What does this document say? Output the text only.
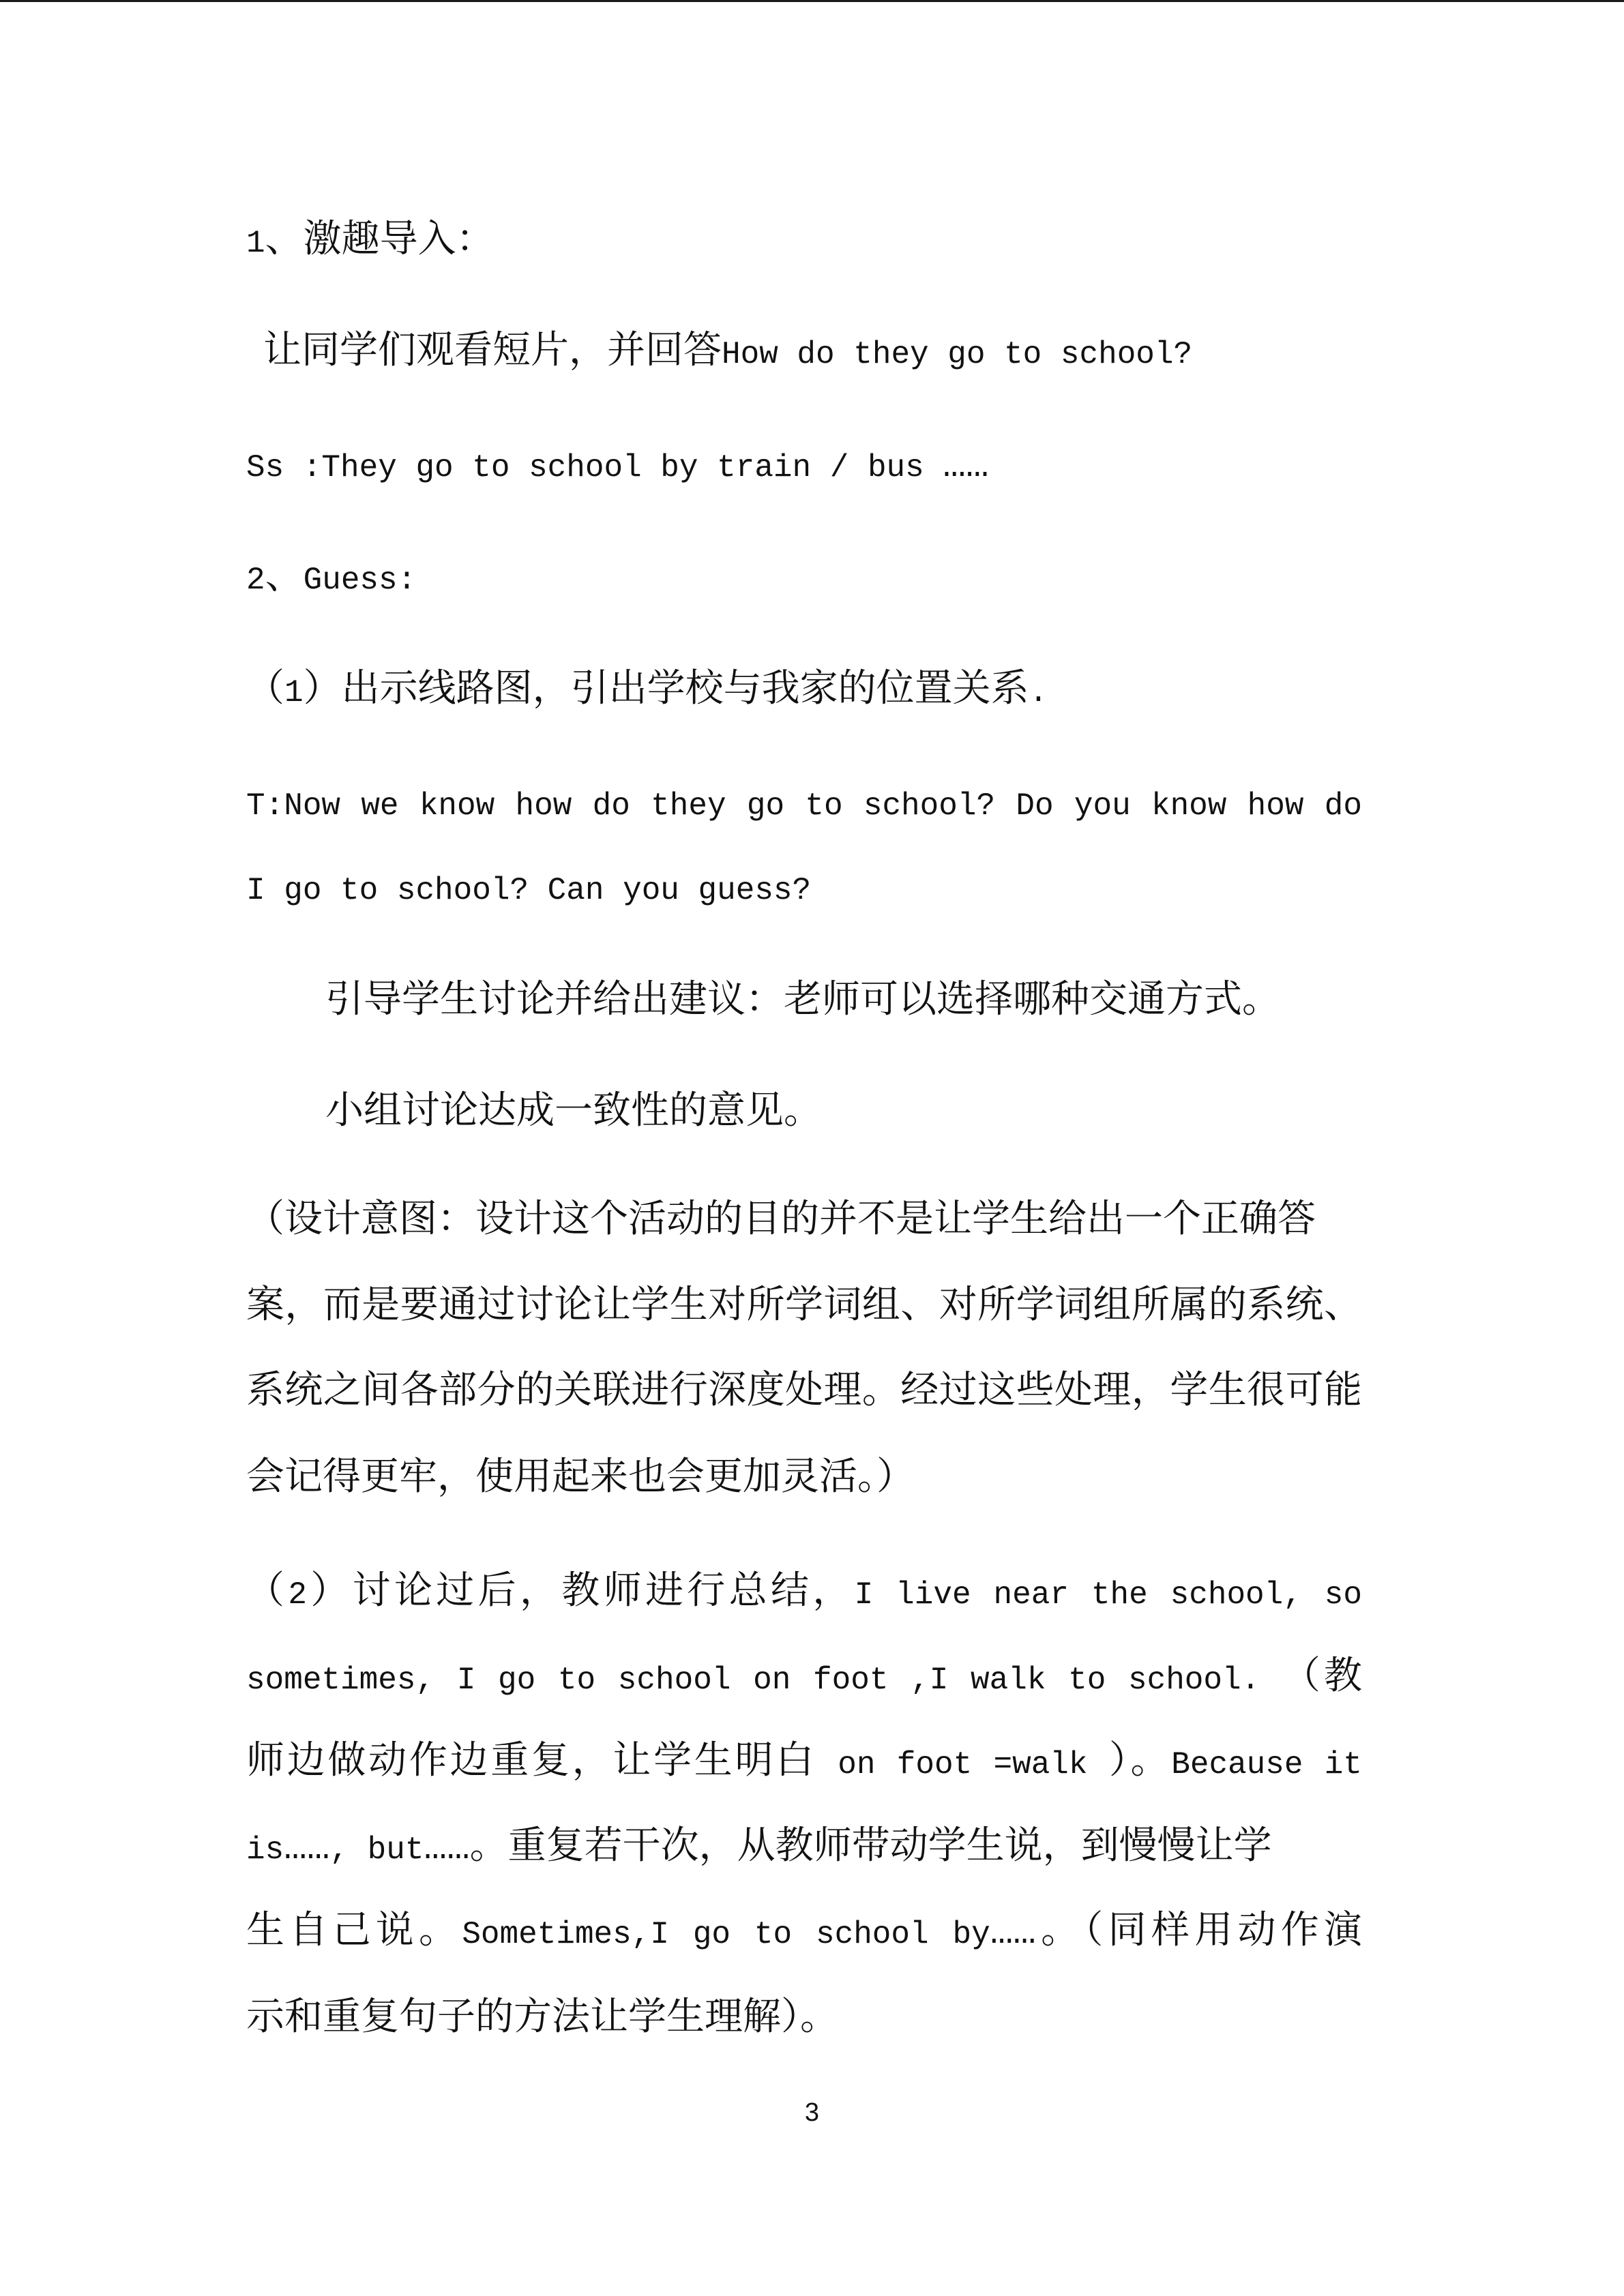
1、激趣导入：
让同学们观看短片，并回答How do they go to school?
Ss :They go to school by train / bus ……
2、Guess:
（1）出示线路图，引出学校与我家的位置关系.
T:Now we know how do they go to school? Do you know how do
I go to school? Can you guess?
引导学生讨论并给出建议：老师可以选择哪种交通方式。
小组讨论达成一致性的意见。
（设计意图：设计这个活动的目的并不是让学生给出一个正确答
案，而是要通过讨论让学生对所学词组、对所学词组所属的系统、
系统之间各部分的关联进行深度处理。经过这些处理，学生很可能
会记得更牢，使用起来也会更加灵活。）
（2）讨论过后，教师进行总结，I live near the school, so
sometimes, I go to school on foot ,I walk to school. （教
师边做动作边重复，让学生明白 on foot =walk ）。Because it
is……, but……。重复若干次，从教师带动学生说，到慢慢让学
生自己说。Sometimes,I go to school by……。（同样用动作演
示和重复句子的方法让学生理解）。
3
